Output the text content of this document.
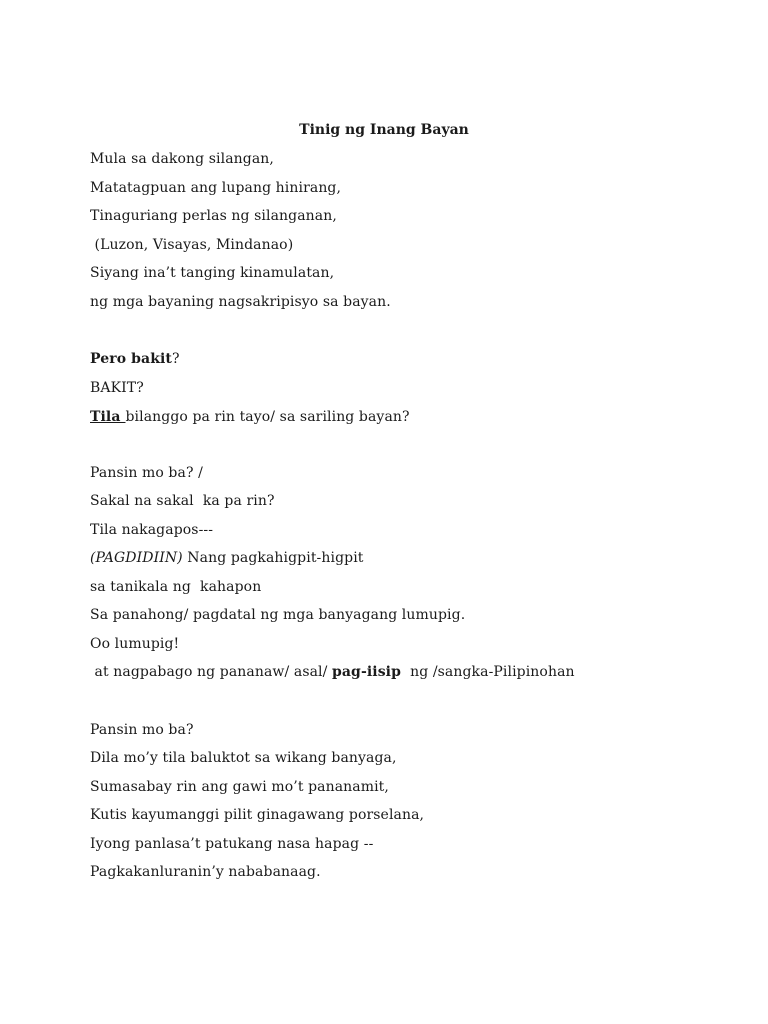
Tinig ng Inang Bayan
Mula sa dakong silangan,
Matatagpuan ang lupang hinirang,
Tinaguriang perlas ng silanganan,
(Luzon, Visayas, Mindanao)
Siyang ina’t tanging kinamulatan,
ng mga bayaning nagsakripisyo sa bayan.
Pero bakit?
BAKIT?
Tila bilanggo pa rin tayo/ sa sariling bayan?
Pansin mo ba? /
Sakal na sakal  ka pa rin?
Tila nakagapos---
(PAGDIDIIN) Nang pagkahigpit-higpit
sa tanikala ng  kahapon
Sa panahong/ pagdatal ng mga banyagang lumupig.
Oo lumupig!
at nagpabago ng pananaw/ asal/ pag-iisip  ng /sangka-Pilipinohan
Pansin mo ba?
Dila mo’y tila baluktot sa wikang banyaga,
Sumasabay rin ang gawi mo’t pananamit,
Kutis kayumanggi pilit ginagawang porselana,
Iyong panlasa’t patukang nasa hapag --
Pagkakanluranin’y nababanaag.
